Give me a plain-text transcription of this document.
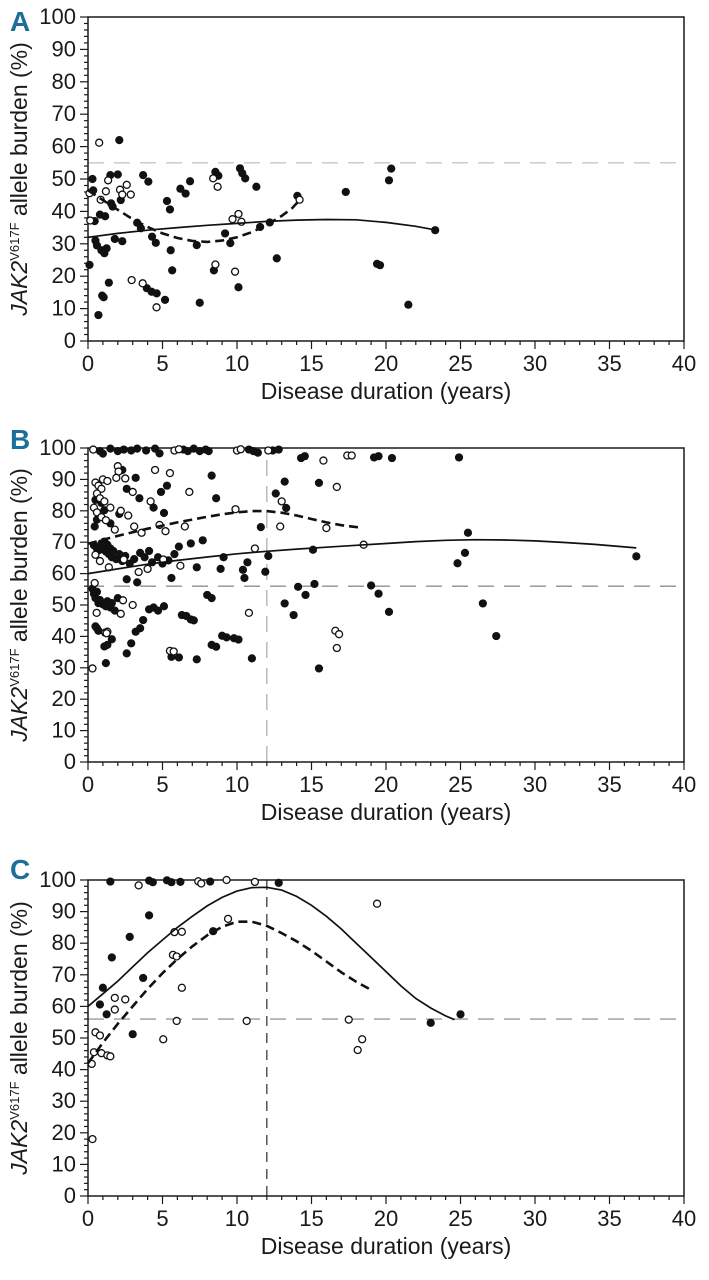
A
0	5	10 15 20 25 30 35 40
0
10
20
30
40
50
60
70
80
90
100
Disease duration (years)
$JAK2^{V617F}$ allele burden (%)
B
0	5	10 15 20 25 30 35 40
0
10
20
30
40
50
60
70
80
90
100
Disease duration (years)
$JAK2^{V617F}$ allele burden (%)
C
0	5	10 15 20 25 30 35 40
0
10
20
30
40
50
60
70
80
90
100
Disease duration (years)
$JAK2^{V617F}$ allele burden (%)
